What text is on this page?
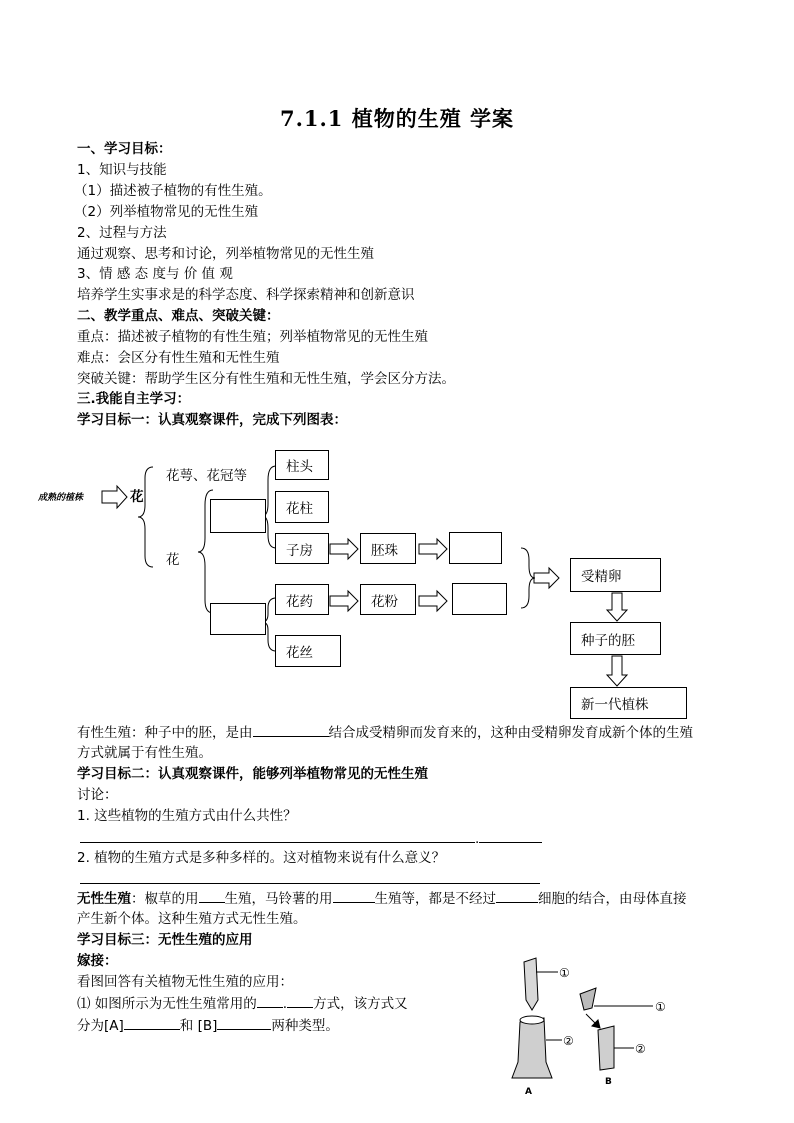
7.1.1 植物的生殖 学案
一、学习目标：
1、知识与技能
（1）描述被子植物的有性生殖。
（2）列举植物常见的无性生殖
2、过程与方法
通过观察、思考和讨论，列举植物常见的无性生殖
3、情 感 态 度与 价 值 观
培养学生实事求是的科学态度、科学探索精神和创新意识
二、教学重点、难点、突破关键：
重点：描述被子植物的有性生殖；列举植物常见的无性生殖
难点：会区分有性生殖和无性生殖
突破关键：帮助学生区分有性生殖和无性生殖，学会区分方法。
三.我能自主学习：
学习目标一：认真观察课件，完成下列图表：
成熟的植株	花
花萼、花冠等
花
柱头
花柱
子房	胚珠
花药	花粉
花丝
受精卵
种子的胚
新一代植株
有性生殖：种子中的胚，是由	结合成受精卵而发育来的，这种由受精卵发育成新个体的生殖
方式就属于有性生殖。
学习目标二：认真观察课件，能够列举植物常见的无性生殖
讨论：
1. 这些植物的生殖方式由什么共性？
.
2. 植物的生殖方式是多种多样的。这对植物来说有什么意义？
无性生殖：椒草的用 生殖，马铃薯的用	生殖等，都是不经过	细胞的结合，由母体直接
产生新个体。这种生殖方式无性生殖。
学习目标三：无性生殖的应用
嫁接：
看图回答有关植物无性生殖的应用：
⑴ 如图所示为无性生殖常用的 . 方式，该方式又
分为[A]	和 [B]	两种类型。
①
②
①
②
A
B
